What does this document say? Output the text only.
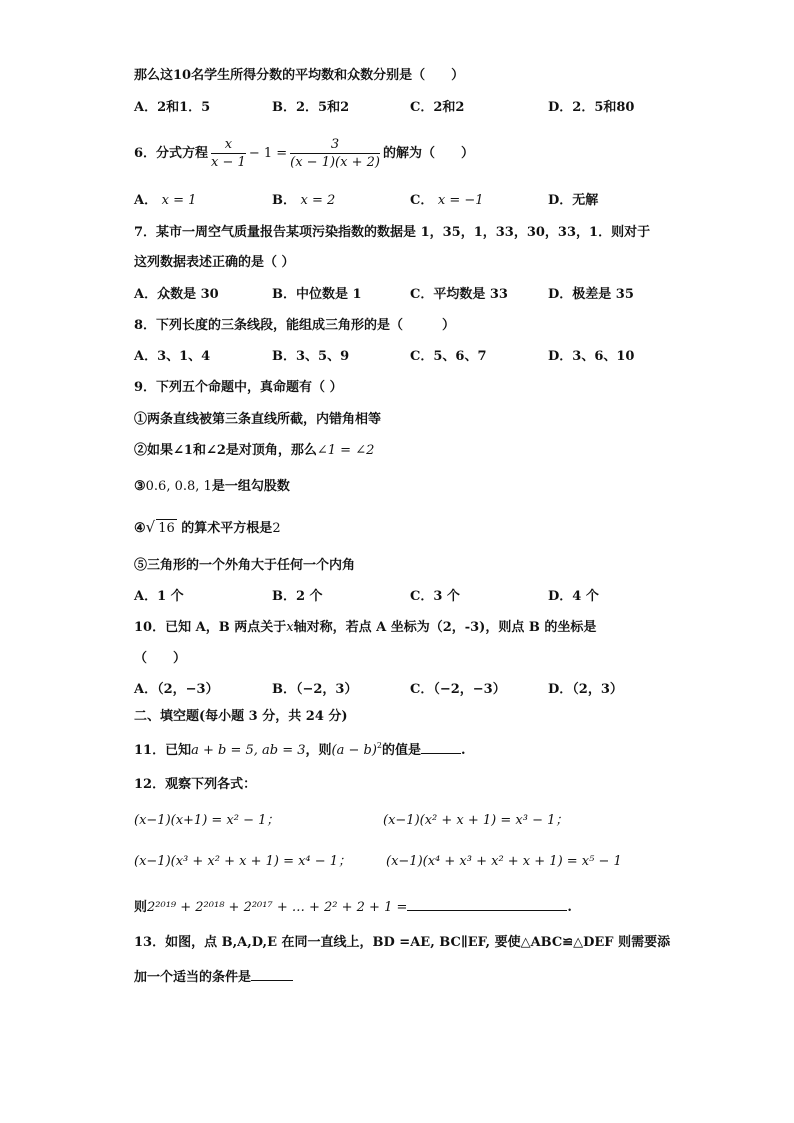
那么这10名学生所得分数的平均数和众数分别是（　　）
A．2和1．5	B．2．5和2	C．2和2	D．2．5和80
6．分式方程 $\frac{x}{x - 1} - 1 = \frac{3}{(x - 1)(x + 2)}$ 的解为（　　）
A． x = 1	B． x = 2	C． x = −1	D．无解
7．某市一周空气质量报告某项污染指数的数据是 1，35，1，33，30，33，1．则对于
这列数据表述正确的是（ ）
A．众数是 30	B．中位数是 1	C．平均数是 33	D．极差是 35
8．下列长度的三条线段，能组成三角形的是（　　　）
A．3、1、4	B．3、5、9	C．5、6、7	D．3、6、10
9．下列五个命题中，真命题有（ ）
①两条直线被第三条直线所截，内错角相等
②如果∠1和∠2是对顶角，那么∠1 = ∠2
③0.6, 0.8, 1是一组勾股数
④√ 16 的算术平方根是2
⑤三角形的一个外角大于任何一个内角
A．1 个	B．2 个	C．3 个	D．4 个
10．已知 A，B 两点关于x轴对称，若点 A 坐标为（2，-3)，则点 B 的坐标是
（　　）
A．（2，−3）	B．（−2，3）	C．（−2，−3）	D．（2，3）
二、填空题(每小题 3 分，共 24 分)
11．已知a + b = 5, ab = 3，则$(a - b)^2$的值是	.
12．观察下列各式：
(x−1)(x+1) = x² − 1；	(x−1)(x² + x + 1) = x³ − 1；
(x−1)(x³ + x² + x + 1) = x⁴ − 1；	(x−1)(x⁴ + x³ + x² + x + 1) = x⁵ − 1
则2²⁰¹⁹ + 2²⁰¹⁸ + 2²⁰¹⁷ + … + 2² + 2 + 1 =	.
13．如图，点 B,A,D,E 在同一直线上，BD =AE, BC∥EF, 要使△ABC≌△DEF 则需要添
加一个适当的条件是
